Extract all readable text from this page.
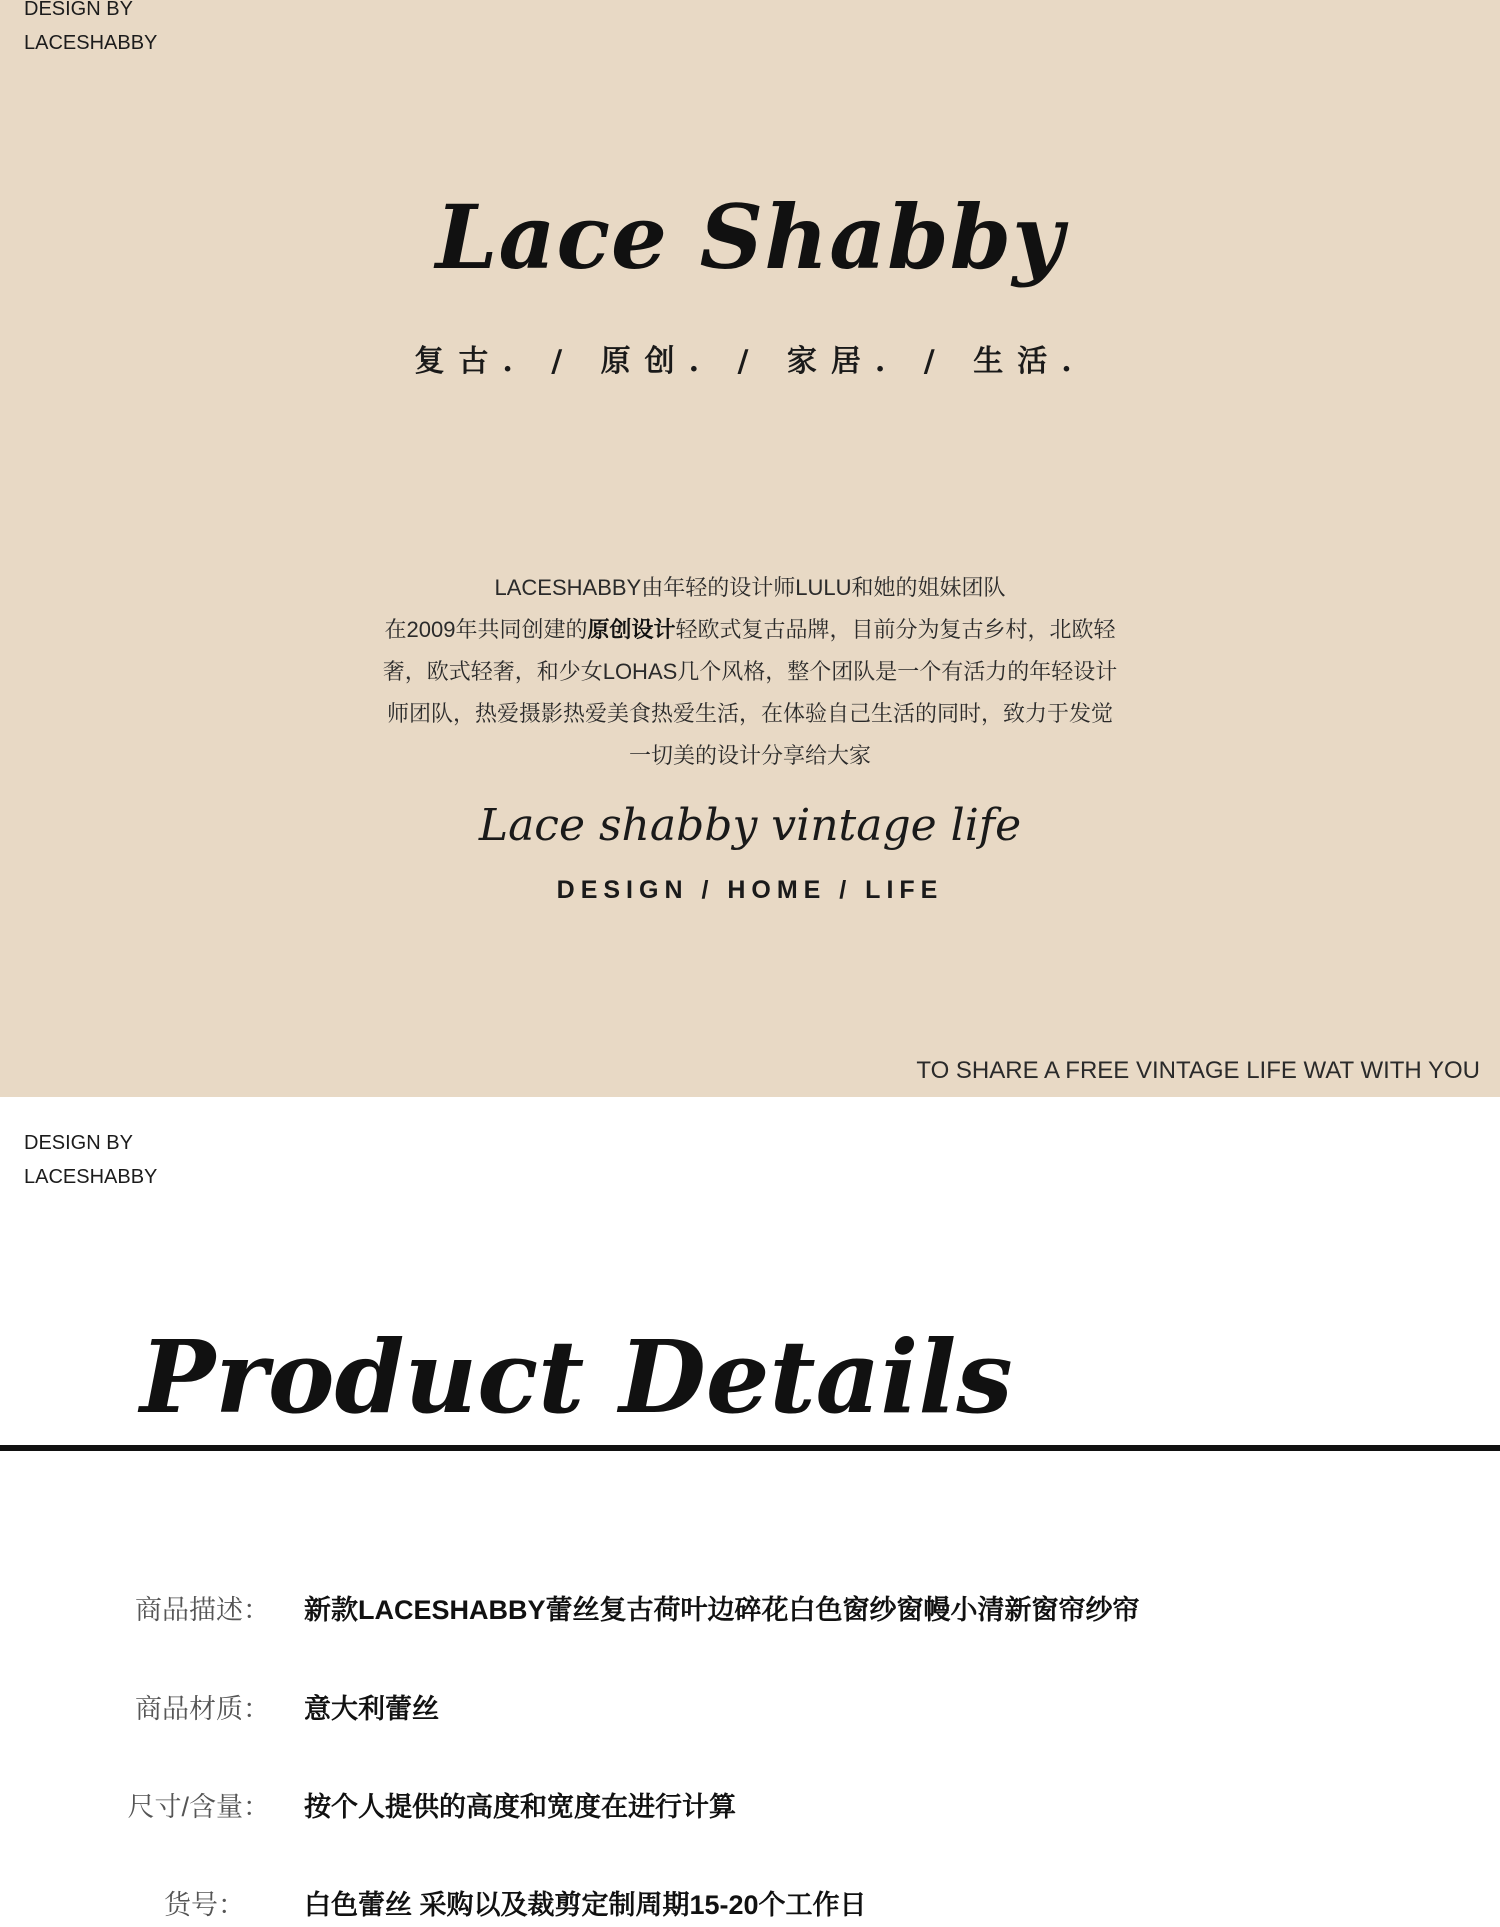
DESIGN BY
LACESHABBY
Lace Shabby
复古. / 原创. / 家居. / 生活.
LACESHABBY由年轻的设计师LULU和她的姐妹团队
在2009年共同创建的原创设计轻欧式复古品牌，目前分为复古乡村，北欧轻
奢，欧式轻奢，和少女LOHAS几个风格，整个团队是一个有活力的年轻设计
师团队，热爱摄影热爱美食热爱生活，在体验自己生活的同时，致力于发觉
一切美的设计分享给大家
Lace shabby vintage life
DESIGN / HOME / LIFE
TO SHARE A FREE VINTAGE LIFE WAT WITH YOU
DESIGN BY
LACESHABBY
Product Details
商品描述： 新款LACESHABBY蕾丝复古荷叶边碎花白色窗纱窗幔小清新窗帘纱帘
商品材质： 意大利蕾丝
尺寸/含量： 按个人提供的高度和宽度在进行计算
货号： 白色蕾丝 采购以及裁剪定制周期15-20个工作日
